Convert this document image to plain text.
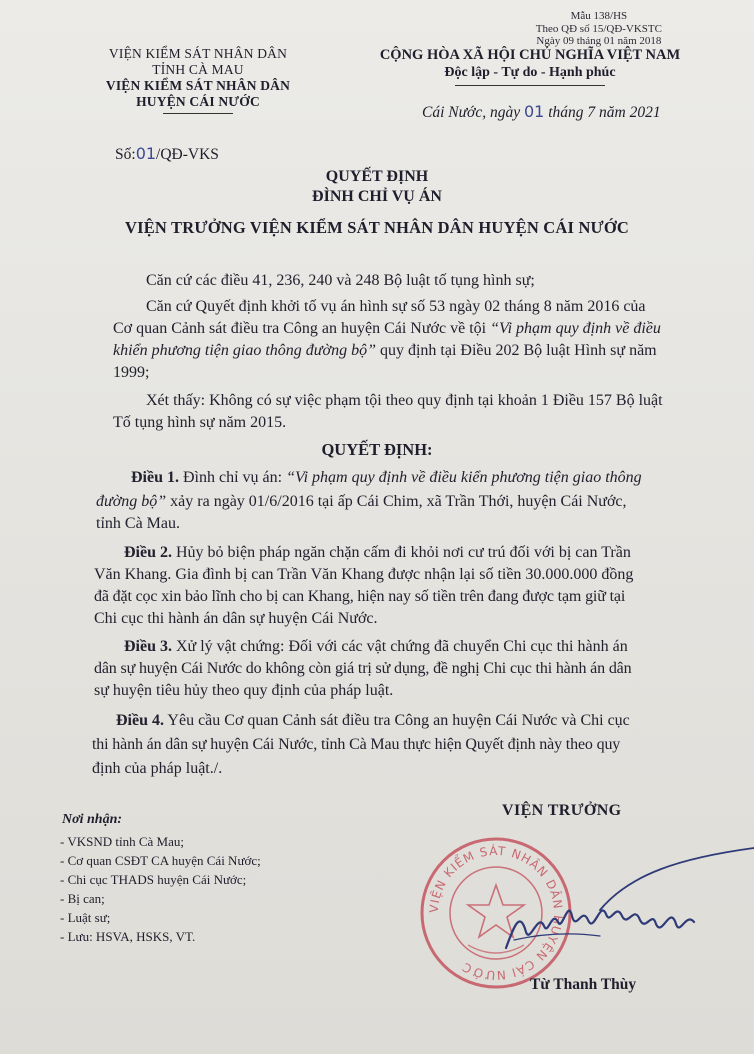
Mẫu 138/HS
Theo QĐ số 15/QĐ-VKSTC
Ngày 09 tháng 01 năm 2018
VIỆN KIỂM SÁT NHÂN DÂN
TỈNH CÀ MAU
VIỆN KIỂM SÁT NHÂN DÂN
HUYỆN CÁI NƯỚC
CỘNG HÒA XÃ HỘI CHỦ NGHĨA VIỆT NAM
Độc lập - Tự do - Hạnh phúc
Cái Nước, ngày 01 tháng 7 năm 2021
Số:01/QĐ-VKS
QUYẾT ĐỊNH
ĐÌNH CHỈ VỤ ÁN
VIỆN TRƯỞNG VIỆN KIỂM SÁT NHÂN DÂN HUYỆN CÁI NƯỚC
Căn cứ các điều 41, 236, 240 và 248 Bộ luật tố tụng hình sự;
Căn cứ Quyết định khởi tố vụ án hình sự số 53 ngày 02 tháng 8 năm 2016 của
Cơ quan Cảnh sát điều tra Công an huyện Cái Nước về tội “Vi phạm quy định về điều
khiển phương tiện giao thông đường bộ” quy định tại Điều 202 Bộ luật Hình sự năm
1999;
Xét thấy: Không có sự việc phạm tội theo quy định tại khoản 1 Điều 157 Bộ luật
Tố tụng hình sự năm 2015.
QUYẾT ĐỊNH:
Điều 1. Đình chỉ vụ án: “Vi phạm quy định về điều kiển phương tiện giao thông
đường bộ” xảy ra ngày 01/6/2016 tại ấp Cái Chim, xã Trần Thới, huyện Cái Nước,
tỉnh Cà Mau.
Điều 2. Hủy bỏ biện pháp ngăn chặn cấm đi khỏi nơi cư trú đối với bị can Trần
Văn Khang. Gia đình bị can Trần Văn Khang được nhận lại số tiền 30.000.000 đồng
đã đặt cọc xin bảo lĩnh cho bị can Khang, hiện nay số tiền trên đang được tạm giữ tại
Chi cục thi hành án dân sự huyện Cái Nước.
Điều 3. Xử lý vật chứng: Đối với các vật chứng đã chuyển Chi cục thi hành án
dân sự huyện Cái Nước do không còn giá trị sử dụng, đề nghị Chi cục thi hành án dân
sự huyện tiêu hủy theo quy định của pháp luật.
Điều 4. Yêu cầu Cơ quan Cảnh sát điều tra Công an huyện Cái Nước và Chi cục
thi hành án dân sự huyện Cái Nước, tỉnh Cà Mau thực hiện Quyết định này theo quy
định của pháp luật./.
Nơi nhận:
- VKSND tỉnh Cà Mau;
- Cơ quan CSĐT CA huyện Cái Nước;
- Chi cục THADS huyện Cái Nước;
- Bị can;
- Luật sư;
- Lưu: HSVA, HSKS, VT.
VIỆN TRƯỞNG
VIỆN KIỂM SÁT NHÂN DÂN HUYỆN CÁI NƯỚC
Từ Thanh Thùy
